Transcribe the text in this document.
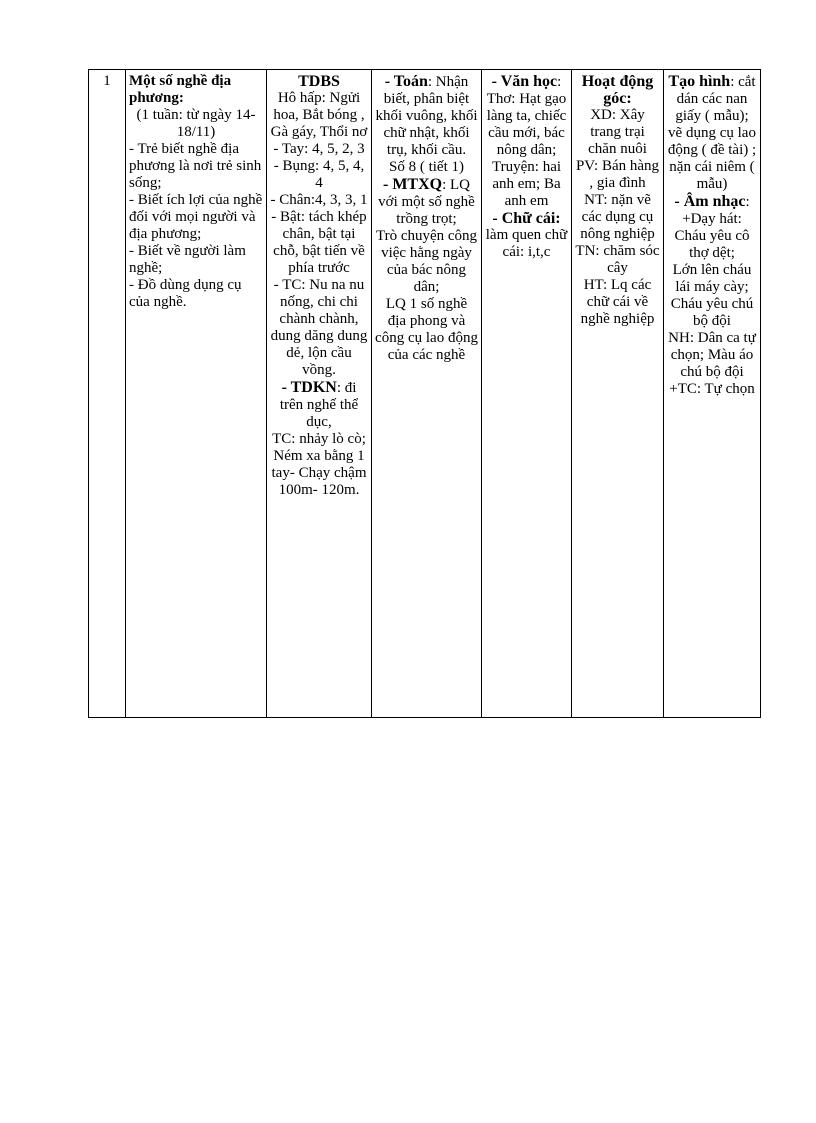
1	Một số nghề địa phương:
(1 tuần: từ ngày 14- 18/11)
- Trẻ biết nghề địa phương là nơi trẻ sinh sống;
- Biết ích lợi của nghề đối với mọi người và địa phương;
- Biết về người làm nghề;
- Đồ dùng dụng cụ của nghề.

TDBS
Hô hấp: Ngửi hoa, Bắt bóng , Gà gáy, Thổi nơ
- Tay: 4, 5, 2, 3
- Bụng: 4, 5, 4, 4
- Chân:4, 3, 3, 1
- Bật: tách khép chân, bật tại chỗ, bật tiến về phía trước
- TC: Nu na nu nống, chi chi chành chành, dung dăng dung dẻ, lộn cầu vồng.
- TDKN: đi trên nghế thể dục,
TC: nhảy lò cò; Ném xa bằng 1 tay- Chạy chậm 100m- 120m.

- Toán: Nhận biết, phân biệt khối vuông, khối chữ nhật, khối trụ, khối cầu.
Số 8 ( tiết 1)
- MTXQ: LQ với một số nghề trồng trọt;
Trò chuyện công việc hằng ngày của bác nông dân;
LQ 1 số nghề địa phong và công cụ lao động của các nghề

- Văn học: Thơ: Hạt gạo làng ta, chiếc cầu mới, bác nông dân;
Truyện: hai anh em; Ba anh em
- Chữ cái:
làm quen chữ cái: i,t,c

Hoạt động góc:
XD: Xây trang trại chăn nuôi
PV: Bán hàng , gia đình
NT: nặn vẽ các dụng cụ nông nghiệp
TN: chăm sóc cây
HT: Lq các chữ cái về nghề nghiệp

Tạo hình: cắt dán các nan giấy ( mẫu); vẽ dụng cụ lao động ( đề tài) ; nặn cái niêm ( mẫu)
- Âm nhạc:
+Dạy hát: Cháu yêu cô thợ dệt;
Lớn lên cháu lái máy cày;
Cháu yêu chú bộ đội
NH: Dân ca tự chọn; Màu áo chú bộ đội
+TC: Tự chọn
